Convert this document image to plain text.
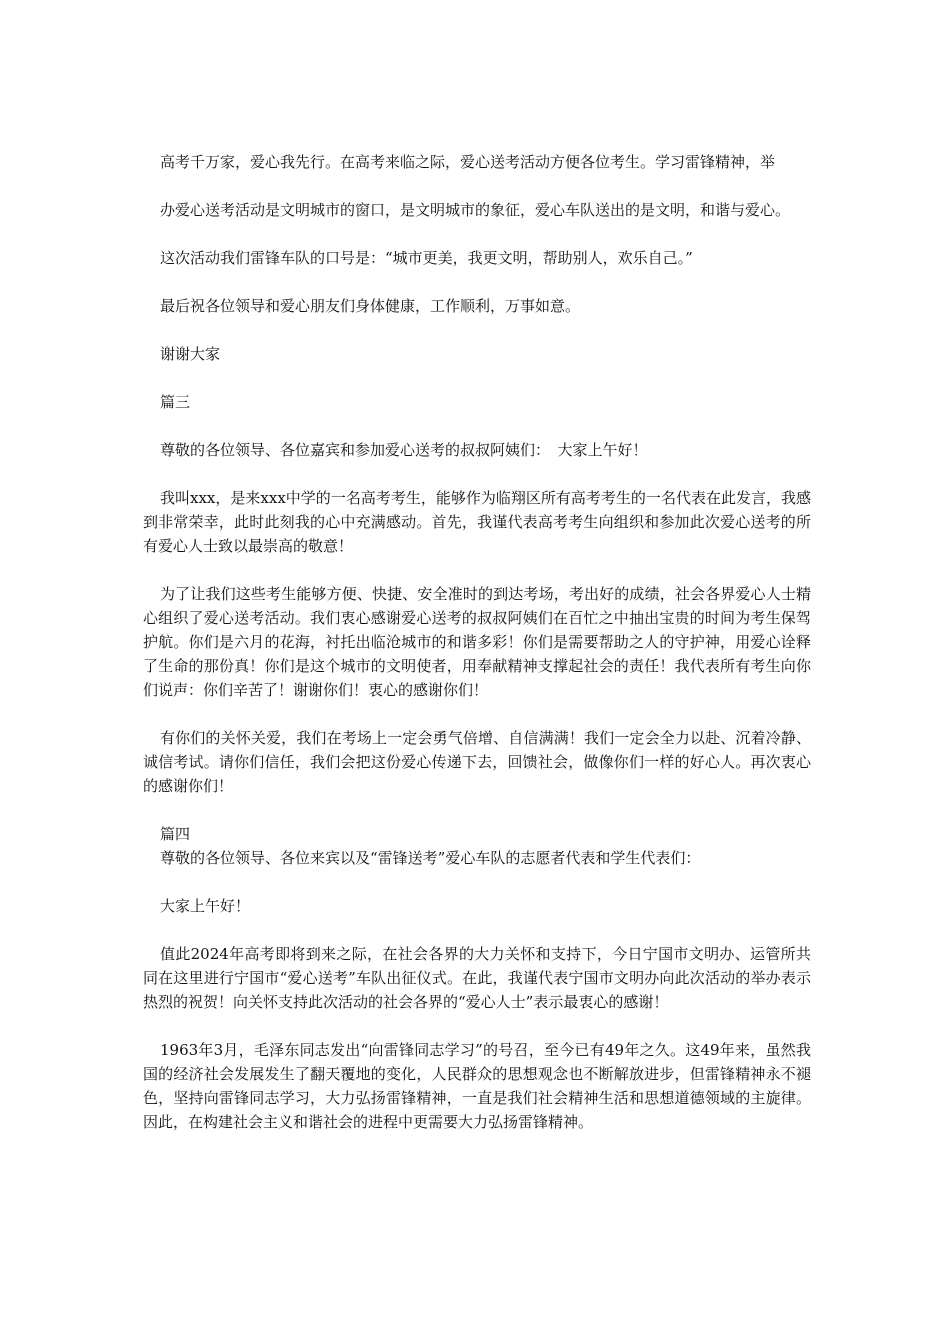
高考千万家，爱心我先行。在高考来临之际，爱心送考活动方便各位考生。学习雷锋精神，举

办爱心送考活动是文明城市的窗口，是文明城市的象征，爱心车队送出的是文明，和谐与爱心。

这次活动我们雷锋车队的口号是：“城市更美，我更文明，帮助别人，欢乐自己。”

最后祝各位领导和爱心朋友们身体健康，工作顺利，万事如意。

谢谢大家

篇三

尊敬的各位领导、各位嘉宾和参加爱心送考的叔叔阿姨们：　大家上午好！

我叫xxx，是来xxx中学的一名高考考生，能够作为临翔区所有高考考生的一名代表在此发言，我感到非常荣幸，此时此刻我的心中充满感动。首先，我谨代表高考考生向组织和参加此次爱心送考的所有爱心人士致以最崇高的敬意！

为了让我们这些考生能够方便、快捷、安全准时的到达考场，考出好的成绩，社会各界爱心人士精心组织了爱心送考活动。我们衷心感谢爱心送考的叔叔阿姨们在百忙之中抽出宝贵的时间为考生保驾护航。你们是六月的花海，衬托出临沧城市的和谐多彩！你们是需要帮助之人的守护神，用爱心诠释了生命的那份真！你们是这个城市的文明使者，用奉献精神支撑起社会的责任！我代表所有考生向你们说声：你们辛苦了！谢谢你们！衷心的感谢你们！

有你们的关怀关爱，我们在考场上一定会勇气倍增、自信满满！我们一定会全力以赴、沉着冷静、诚信考试。请你们信任，我们会把这份爱心传递下去，回馈社会，做像你们一样的好心人。再次衷心的感谢你们！

篇四

尊敬的各位领导、各位来宾以及“雷锋送考”爱心车队的志愿者代表和学生代表们：

大家上午好！

值此2024年高考即将到来之际，在社会各界的大力关怀和支持下，今日宁国市文明办、运管所共同在这里进行宁国市“爱心送考”车队出征仪式。在此，我谨代表宁国市文明办向此次活动的举办表示热烈的祝贺！向关怀支持此次活动的社会各界的“爱心人士”表示最衷心的感谢！

1963年3月，毛泽东同志发出“向雷锋同志学习”的号召，至今已有49年之久。这49年来，虽然我国的经济社会发展发生了翻天覆地的变化，人民群众的思想观念也不断解放进步，但雷锋精神永不褪色，坚持向雷锋同志学习，大力弘扬雷锋精神，一直是我们社会精神生活和思想道德领域的主旋律。因此，在构建社会主义和谐社会的进程中更需要大力弘扬雷锋精神。
